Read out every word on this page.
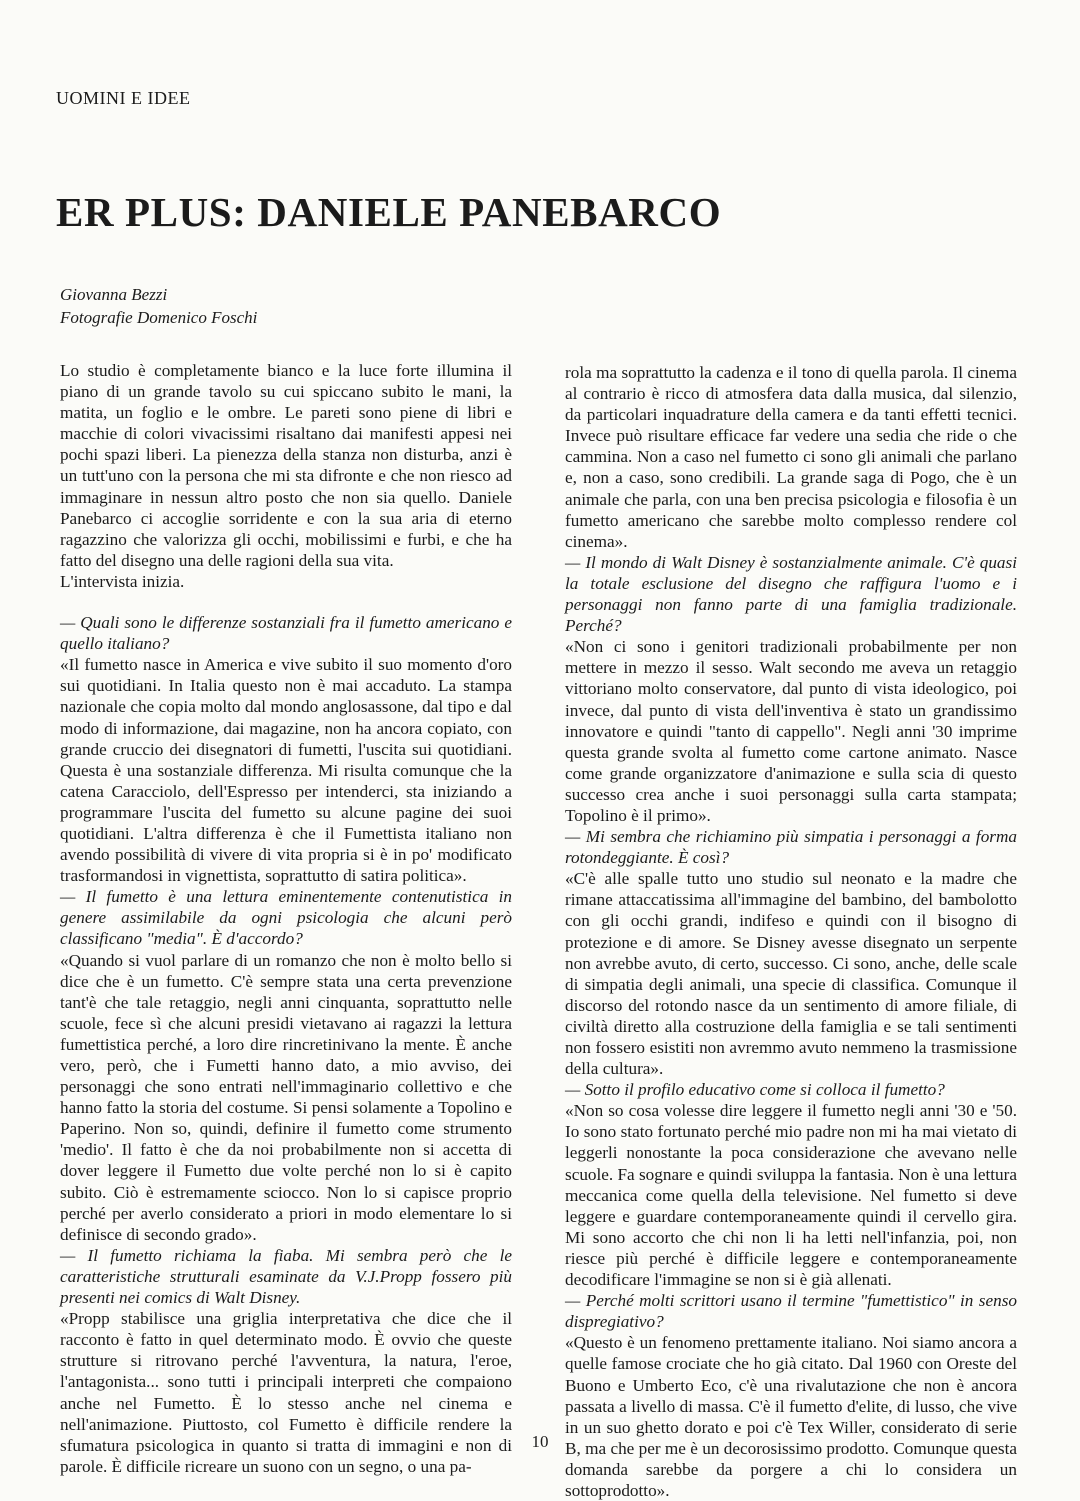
UOMINI E IDEE
ER PLUS: DANIELE PANEBARCO
Giovanna Bezzi
Fotografie Domenico Foschi

Lo studio è completamente bianco e la luce forte illumina il piano di un grande tavolo su cui spiccano subito le mani, la matita, un foglio e le ombre. Le pareti sono piene di libri e macchie di colori vivacissimi risaltano dai manifesti appesi nei pochi spazi liberi. La pienezza della stanza non disturba, anzi è un tutt'uno con la persona che mi sta difronte e che non riesco ad immaginare in nessun altro posto che non sia quello. Daniele Panebarco ci accoglie sorridente e con la sua aria di eterno ragazzino che valorizza gli occhi, mobilissimi e furbi, e che ha fatto del disegno una delle ragioni della sua vita.

L'intervista inizia.

— Quali sono le differenze sostanziali fra il fumetto americano e quello italiano?

«Il fumetto nasce in America e vive subito il suo momento d'oro sui quotidiani. In Italia questo non è mai accaduto. La stampa nazionale che copia molto dal mondo anglosassone, dal tipo e dal modo di informazione, dai magazine, non ha ancora copiato, con grande cruccio dei disegnatori di fumetti, l'uscita sui quotidiani. Questa è una sostanziale differenza. Mi risulta comunque che la catena Caracciolo, dell'Espresso per intenderci, sta iniziando a programmare l'uscita del fumetto su alcune pagine dei suoi quotidiani. L'altra differenza è che il Fumettista italiano non avendo possibilità di vivere di vita propria si è in po' modificato trasformandosi in vignettista, soprattutto di satira politica».

— Il fumetto è una lettura eminentemente contenutistica in genere assimilabile da ogni psicologia che alcuni però classificano "media". È d'accordo?

«Quando si vuol parlare di un romanzo che non è molto bello si dice che è un fumetto. C'è sempre stata una certa prevenzione tant'è che tale retaggio, negli anni cinquanta, soprattutto nelle scuole, fece sì che alcuni presidi vietavano ai ragazzi la lettura fumettistica perché, a loro dire rincretinivano la mente. È anche vero, però, che i Fumetti hanno dato, a mio avviso, dei personaggi che sono entrati nell'immaginario collettivo e che hanno fatto la storia del costume. Si pensi solamente a Topolino e Paperino. Non so, quindi, definire il fumetto come strumento 'medio'. Il fatto è che da noi probabilmente non si accetta di dover leggere il Fumetto due volte perché non lo si è capito subito. Ciò è estremamente sciocco. Non lo si capisce proprio perché per averlo considerato a priori in modo elementare lo si definisce di secondo grado».

— Il fumetto richiama la fiaba. Mi sembra però che le caratteristiche strutturali esaminate da V.J.Propp fossero più presenti nei comics di Walt Disney.

«Propp stabilisce una griglia interpretativa che dice che il racconto è fatto in quel determinato modo. È ovvio che queste strutture si ritrovano perché l'avventura, la natura, l'eroe, l'antagonista... sono tutti i principali interpreti che compaiono anche nel Fumetto. È lo stesso anche nel cinema e nell'animazione. Piuttosto, col Fumetto è difficile rendere la sfumatura psicologica in quanto si tratta di immagini e non di parole. È difficile ricreare un suono con un segno, o una pa-

rola ma soprattutto la cadenza e il tono di quella parola. Il cinema al contrario è ricco di atmosfera data dalla musica, dal silenzio, da particolari inquadrature della camera e da tanti effetti tecnici. Invece può risultare efficace far vedere una sedia che ride o che cammina. Non a caso nel fumetto ci sono gli animali che parlano e, non a caso, sono credibili. La grande saga di Pogo, che è un animale che parla, con una ben precisa psicologia e filosofia è un fumetto americano che sarebbe molto complesso rendere col cinema».

— Il mondo di Walt Disney è sostanzialmente animale. C'è quasi la totale esclusione del disegno che raffigura l'uomo e i personaggi non fanno parte di una famiglia tradizionale. Perché?

«Non ci sono i genitori tradizionali probabilmente per non mettere in mezzo il sesso. Walt secondo me aveva un retaggio vittoriano molto conservatore, dal punto di vista ideologico, poi invece, dal punto di vista dell'inventiva è stato un grandissimo innovatore e quindi "tanto di cappello". Negli anni '30 imprime questa grande svolta al fumetto come cartone animato. Nasce come grande organizzatore d'animazione e sulla scia di questo successo crea anche i suoi personaggi sulla carta stampata; Topolino è il primo».

— Mi sembra che richiamino più simpatia i personaggi a forma rotondeggiante. È così?

«C'è alle spalle tutto uno studio sul neonato e la madre che rimane attaccatissima all'immagine del bambino, del bambolotto con gli occhi grandi, indifeso e quindi con il bisogno di protezione e di amore. Se Disney avesse disegnato un serpente non avrebbe avuto, di certo, successo. Ci sono, anche, delle scale di simpatia degli animali, una specie di classifica. Comunque il discorso del rotondo nasce da un sentimento di amore filiale, di civiltà diretto alla costruzione della famiglia e se tali sentimenti non fossero esistiti non avremmo avuto nemmeno la trasmissione della cultura».

— Sotto il profilo educativo come si colloca il fumetto?

«Non so cosa volesse dire leggere il fumetto negli anni '30 e '50. Io sono stato fortunato perché mio padre non mi ha mai vietato di leggerli nonostante la poca considerazione che avevano nelle scuole. Fa sognare e quindi sviluppa la fantasia. Non è una lettura meccanica come quella della televisione. Nel fumetto si deve leggere e guardare contemporaneamente quindi il cervello gira. Mi sono accorto che chi non li ha letti nell'infanzia, poi, non riesce più perché è difficile leggere e contemporaneamente decodificare l'immagine se non si è già allenati.

— Perché molti scrittori usano il termine "fumettistico" in senso dispregiativo?

«Questo è un fenomeno prettamente italiano. Noi siamo ancora a quelle famose crociate che ho già citato. Dal 1960 con Oreste del Buono e Umberto Eco, c'è una rivalutazione che non è ancora passata a livello di massa. C'è il fumetto d'elite, di lusso, che vive in un suo ghetto dorato e poi c'è Tex Willer, considerato di serie B, ma che per me è un decorosissimo prodotto. Comunque questa domanda sarebbe da porgere a chi lo considera un sottoprodotto».

10
